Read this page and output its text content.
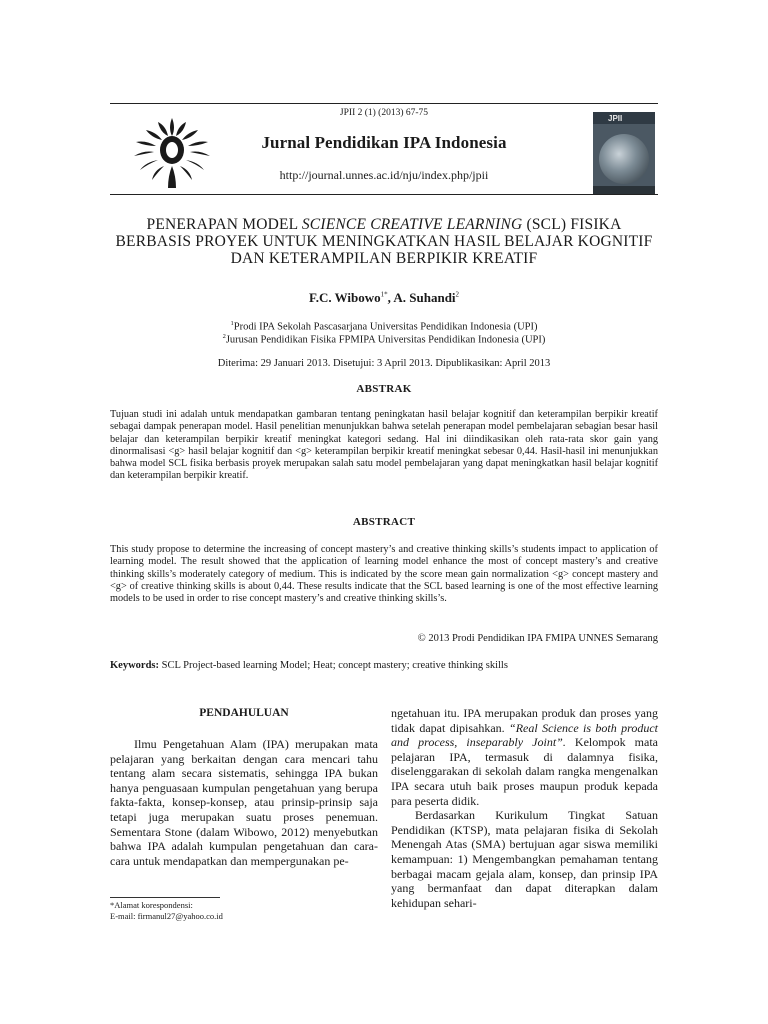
JPII 2 (1) (2013) 67-75
Jurnal Pendidikan IPA Indonesia
http://journal.unnes.ac.id/nju/index.php/jpii
JPII
PENERAPAN MODEL SCIENCE CREATIVE LEARNING (SCL) FISIKA BERBASIS PROYEK UNTUK MENINGKATKAN HASIL BELAJAR KOGNITIF DAN KETERAMPILAN BERPIKIR KREATIF
F.C. Wibowo$^{1*}$, A. Suhandi$^2$
$^1$Prodi IPA Sekolah Pascasarjana Universitas Pendidikan Indonesia (UPI)
$^2$Jurusan Pendidikan Fisika FPMIPA Universitas Pendidikan Indonesia (UPI)
Diterima: 29 Januari 2013. Disetujui: 3 April 2013. Dipublikasikan: April 2013
ABSTRAK
Tujuan studi ini adalah untuk mendapatkan gambaran tentang peningkatan hasil belajar kognitif dan keterampilan berpikir kreatif sebagai dampak penerapan model. Hasil penelitian menunjukkan bahwa setelah penerapan model pembelajaran sebagian besar hasil belajar dan keterampilan berpikir kreatif meningkat kategori sedang. Hal ini diindikasikan oleh rata-rata skor gain yang dinormalisasi <g> hasil belajar kognitif dan <g> keterampilan berpikir kreatif meningkat sebesar 0,44. Hasil-hasil ini menunjukkan bahwa model SCL fisika berbasis proyek merupakan salah satu model pembelajaran yang dapat meningkatkan hasil belajar kognitif dan keterampilan berpikir kreatif.
ABSTRACT
This study propose to determine the increasing of concept mastery’s and creative thinking skills’s students impact to application of learning model. The result showed that the application of learning model enhance the most of concept mastery’s and creative thinking skills’s moderately category of medium. This is indicated by the score mean gain normalization <g> concept mastery and <g> of creative thinking skills is about 0,44. These results indicate that the SCL based learning is one of the most effective learning models to be used in order to rise concept mastery’s and creative thinking skills’s.
© 2013 Prodi Pendidikan IPA FMIPA UNNES Semarang
Keywords: SCL Project-based learning Model; Heat; concept mastery; creative thinking skills
PENDAHULUAN

Ilmu Pengetahuan Alam (IPA) merupakan mata pelajaran yang berkaitan dengan cara mencari tahu tentang alam secara sistematis, sehingga IPA bukan hanya penguasaan kumpulan pengetahuan yang berupa fakta-fakta, konsep-konsep, atau prinsip-prinsip saja tetapi juga merupakan suatu proses penemuan. Sementara Stone (dalam Wibowo, 2012) menyebutkan bahwa IPA adalah kumpulan pengetahuan dan cara-cara untuk mendapatkan dan mempergunakan pe-

ngetahuan itu. IPA merupakan produk dan proses yang tidak dapat dipisahkan. “Real Science is both product and process, inseparably Joint”. Kelompok mata pelajaran IPA, termasuk di dalamnya fisika, diselenggarakan di sekolah dalam rangka mengenalkan IPA secara utuh baik proses maupun produk kepada para peserta didik.

Berdasarkan Kurikulum Tingkat Satuan Pendidikan (KTSP), mata pelajaran fisika di Sekolah Menengah Atas (SMA) bertujuan agar siswa memiliki kemampuan: 1) Mengembangkan pemahaman tentang berbagai macam gejala alam, konsep, dan prinsip IPA yang bermanfaat dan dapat diterapkan dalam kehidupan sehari-

*Alamat korespondensi:
E-mail: firmanul27@yahoo.co.id
